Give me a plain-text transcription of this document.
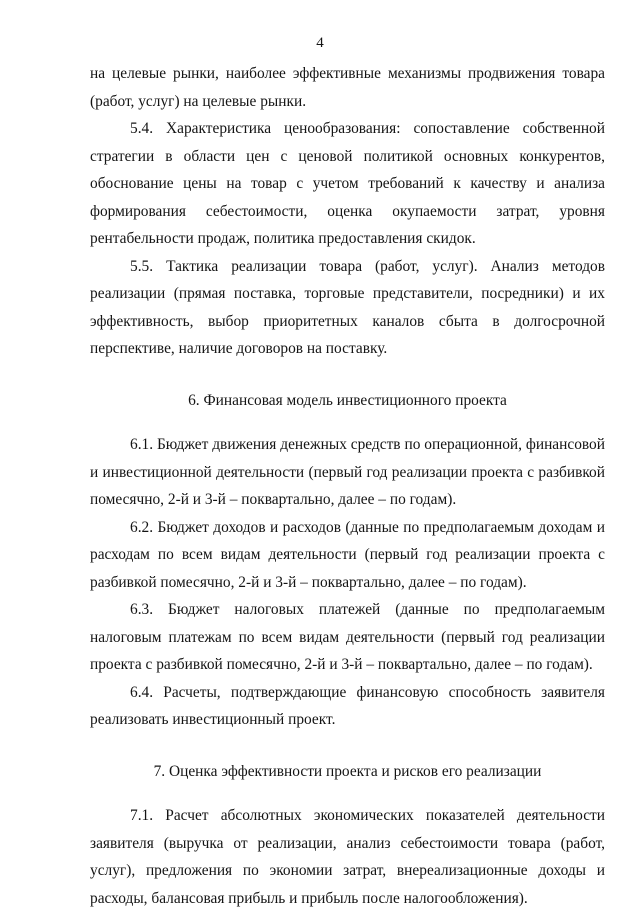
4

на целевые рынки, наиболее эффективные механизмы продвижения товара (работ, услуг) на целевые рынки.

5.4. Характеристика ценообразования: сопоставление собственной стратегии в области цен с ценовой политикой основных конкурентов, обоснование цены на товар с учетом требований к качеству и анализа формирования себестоимости, оценка окупаемости затрат, уровня рентабельности продаж, политика предоставления скидок.

5.5. Тактика реализации товара (работ, услуг). Анализ методов реализации (прямая поставка, торговые представители, посредники) и их эффективность, выбор приоритетных каналов сбыта в долгосрочной перспективе, наличие договоров на поставку.

6. Финансовая модель инвестиционного проекта

6.1. Бюджет движения денежных средств по операционной, финансовой и инвестиционной деятельности (первый год реализации проекта с разбивкой помесячно, 2-й и 3-й – поквартально, далее – по годам).

6.2. Бюджет доходов и расходов (данные по предполагаемым доходам и расходам по всем видам деятельности (первый год реализации проекта с разбивкой помесячно, 2-й и 3-й – поквартально, далее – по годам).

6.3. Бюджет налоговых платежей (данные по предполагаемым налоговым платежам по всем видам деятельности (первый год реализации проекта с разбивкой помесячно, 2-й и 3-й – поквартально, далее – по годам).

6.4. Расчеты, подтверждающие финансовую способность заявителя реализовать инвестиционный проект.

7. Оценка эффективности проекта и рисков его реализации

7.1. Расчет абсолютных экономических показателей деятельности заявителя (выручка от реализации, анализ себестоимости товара (работ, услуг), предложения по экономии затрат, внереализационные доходы и расходы, балансовая прибыль и прибыль после налогообложения).
